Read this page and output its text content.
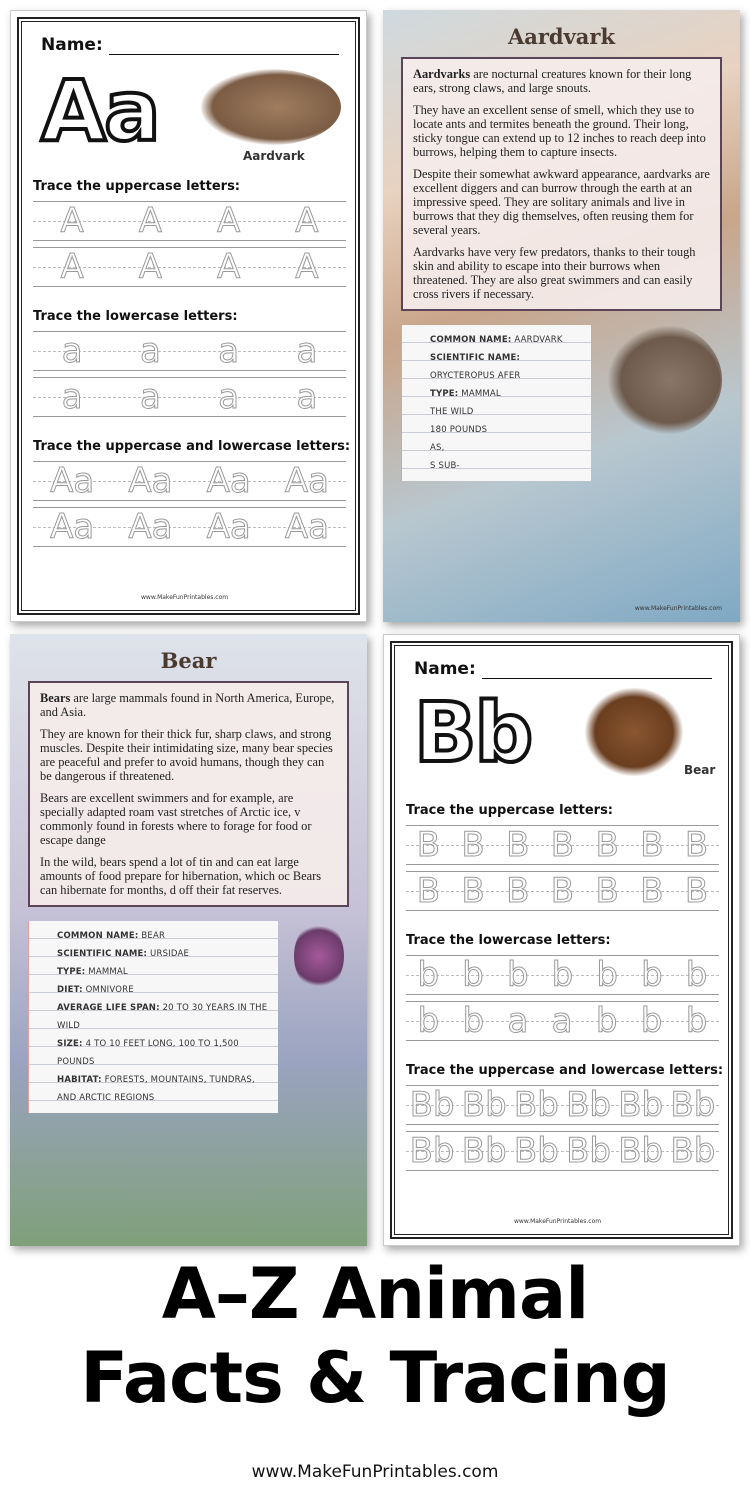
Name:
Aa	Aardvark
Trace the uppercase letters:
Trace the lowercase letters:
Trace the uppercase and lowercase letters:
A A A A
A A A A
a a a a
a a a a
Aa Aa Aa Aa
Aa Aa Aa Aa
www.MakeFunPrintables.com
Aardvark

Aardvarks are nocturnal creatures known for their long ears, strong claws, and large snouts.

They have an excellent sense of smell, which they use to locate ants and termites beneath the ground. Their long, sticky tongue can extend up to 12 inches to reach deep into burrows, helping them to capture insects.

Despite their somewhat awkward appearance, aardvarks are excellent diggers and can burrow through the earth at an impressive speed. They are solitary animals and live in burrows that they dig themselves, often reusing them for several years.

Aardvarks have very few predators, thanks to their tough skin and ability to escape into their burrows when threatened. They are also great swimmers and can easily cross rivers if necessary.

COMMON NAME: AARDVARK
SCIENTIFIC NAME: ORYCTEROPUS AFER
TYPE: MAMMAL
THE WILD
180 POUNDS
AS,
S SUB-
www.MakeFunPrintables.com
Bear

Bears are large mammals found in North America, Europe, and Asia.

They are known for their thick fur, sharp claws, and strong muscles. Despite their intimidating size, many bear species are peaceful and prefer to avoid humans, though they can be dangerous if threatened.

Bears are excellent swimmers and for example, are specially adapted roam vast stretches of Arctic ice, v commonly found in forests where to forage for food or escape dange

In the wild, bears spend a lot of tin and can eat large amounts of food prepare for hibernation, which oc Bears can hibernate for months, d off their fat reserves.

COMMON NAME: BEAR
SCIENTIFIC NAME: URSIDAE
TYPE: MAMMAL
DIET: OMNIVORE
AVERAGE LIFE SPAN: 20 TO 30 YEARS IN THE WILD
SIZE: 4 TO 10 FEET LONG, 100 TO 1,500 POUNDS
HABITAT: FORESTS, MOUNTAINS, TUNDRAS, AND ARCTIC REGIONS
Name:
Bb	Bear
Trace the uppercase letters:
Trace the lowercase letters:
Trace the uppercase and lowercase letters:
B B B B B B B
B B B B B B B
b b b b b b b
b b a a b b b
Bb Bb Bb Bb Bb Bb
Bb Bb Bb Bb Bb Bb
www.MakeFunPrintables.com
A–Z Animal
Facts & Tracing
www.MakeFunPrintables.com
